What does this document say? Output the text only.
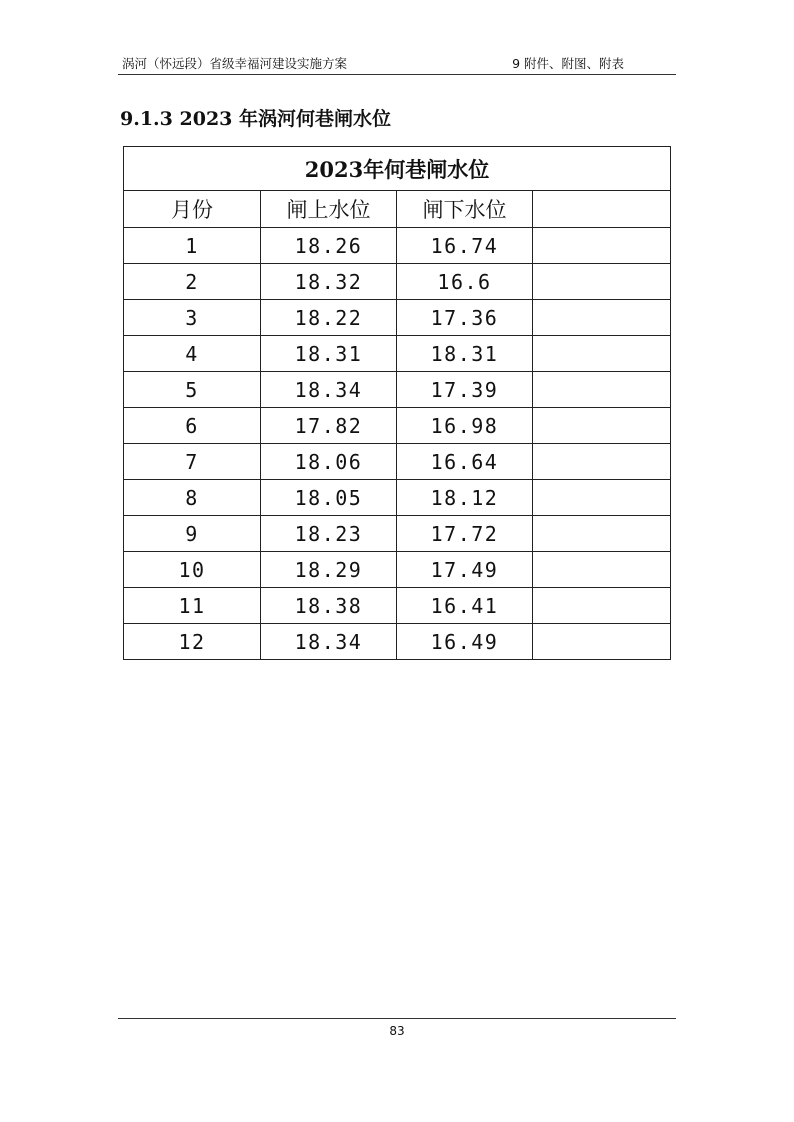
涡河（怀远段）省级幸福河建设实施方案	9 附件、附图、附表
9.1.3 2023 年涡河何巷闸水位
2023年何巷闸水位			
月份	闸上水位	闸下水位	
1	18.26	16.74	
2	18.32	16.6	
3	18.22	17.36	
4	18.31	18.31	
5	18.34	17.39	
6	17.82	16.98	
7	18.06	16.64	
8	18.05	18.12	
9	18.23	17.72	
10	18.29	17.49	
11	18.38	16.41	
12	18.34	16.49	
83
